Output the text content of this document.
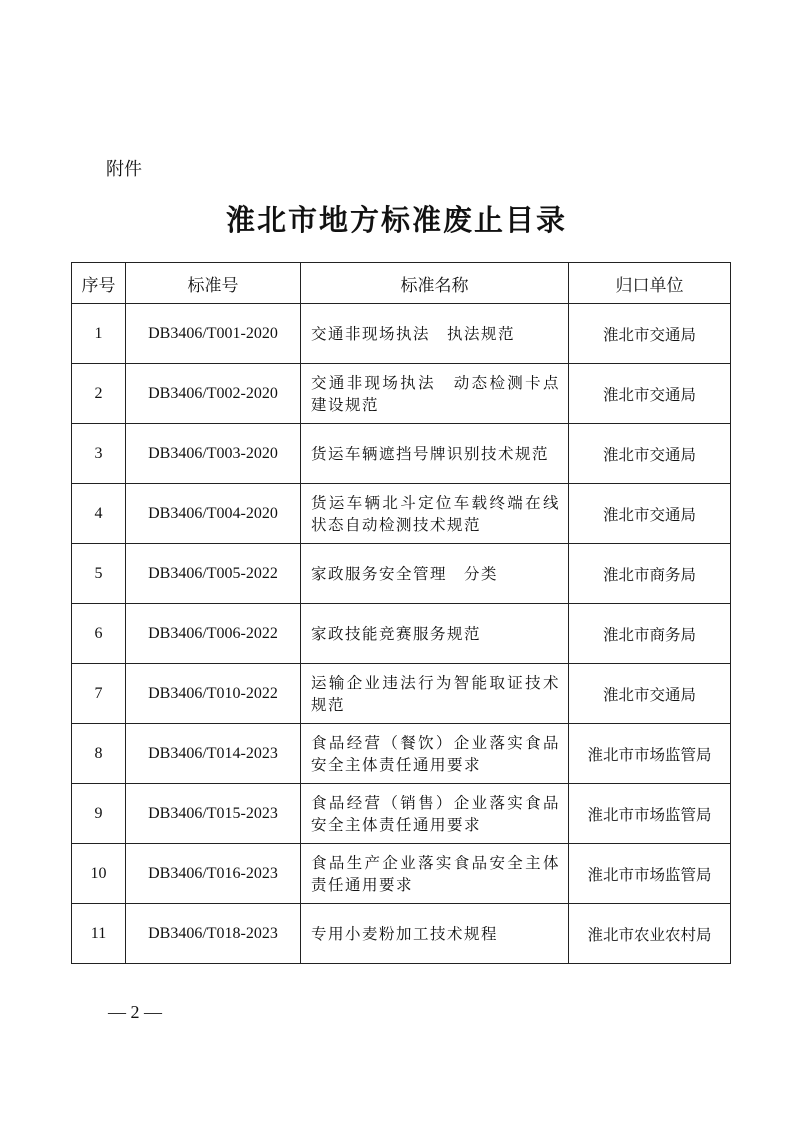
附件
淮北市地方标准废止目录
序号	标准号	标准名称	归口单位
1	DB3406/T001-2020	交通非现场执法　执法规范	淮北市交通局
2	DB3406/T002-2020	交通非现场执法　动态检测卡点建设规范	淮北市交通局
3	DB3406/T003-2020	货运车辆遮挡号牌识别技术规范	淮北市交通局
4	DB3406/T004-2020	货运车辆北斗定位车载终端在线状态自动检测技术规范	淮北市交通局
5	DB3406/T005-2022	家政服务安全管理　分类	淮北市商务局
6	DB3406/T006-2022	家政技能竞赛服务规范	淮北市商务局
7	DB3406/T010-2022	运输企业违法行为智能取证技术规范	淮北市交通局
8	DB3406/T014-2023	食品经营（餐饮）企业落实食品安全主体责任通用要求	淮北市市场监管局
9	DB3406/T015-2023	食品经营（销售）企业落实食品安全主体责任通用要求	淮北市市场监管局
10	DB3406/T016-2023	食品生产企业落实食品安全主体责任通用要求	淮北市市场监管局
11	DB3406/T018-2023	专用小麦粉加工技术规程	淮北市农业农村局
— 2 —
